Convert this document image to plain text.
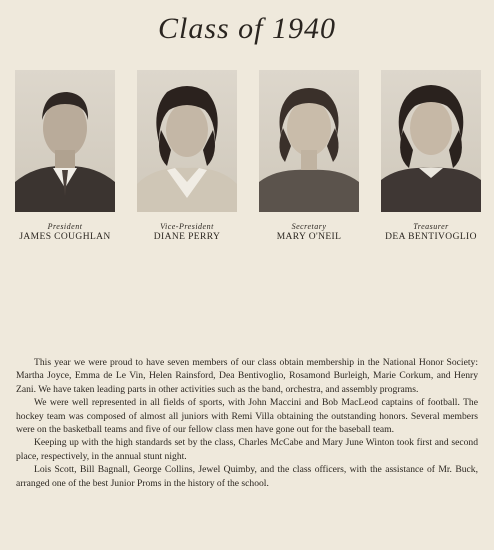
Class of 1940
President
JAMES COUGHLAN
Vice-President
DIANE PERRY
Secretary
MARY O'NEIL
Treasurer
DEA BENTIVOGLIO

This year we were proud to have seven members of our class obtain membership in the National Honor Society: Martha Joyce, Emma de Le Vin, Helen Rainsford, Dea Bentivoglio, Rosamond Burleigh, Marie Corkum, and Henry Zani. We have taken leading parts in other activities such as the band, orchestra, and assembly programs.

We were well represented in all fields of sports, with John Maccini and Bob MacLeod captains of football. The hockey team was composed of almost all juniors with Remi Villa obtaining the outstanding honors. Several members were on the basketball teams and five of our fellow class men have gone out for the baseball team.

Keeping up with the high standards set by the class, Charles McCabe and Mary June Winton took first and second place, respectively, in the annual stunt night.

Lois Scott, Bill Bagnall, George Collins, Jewel Quimby, and the class officers, with the assistance of Mr. Buck, arranged one of the best Junior Proms in the history of the school.
